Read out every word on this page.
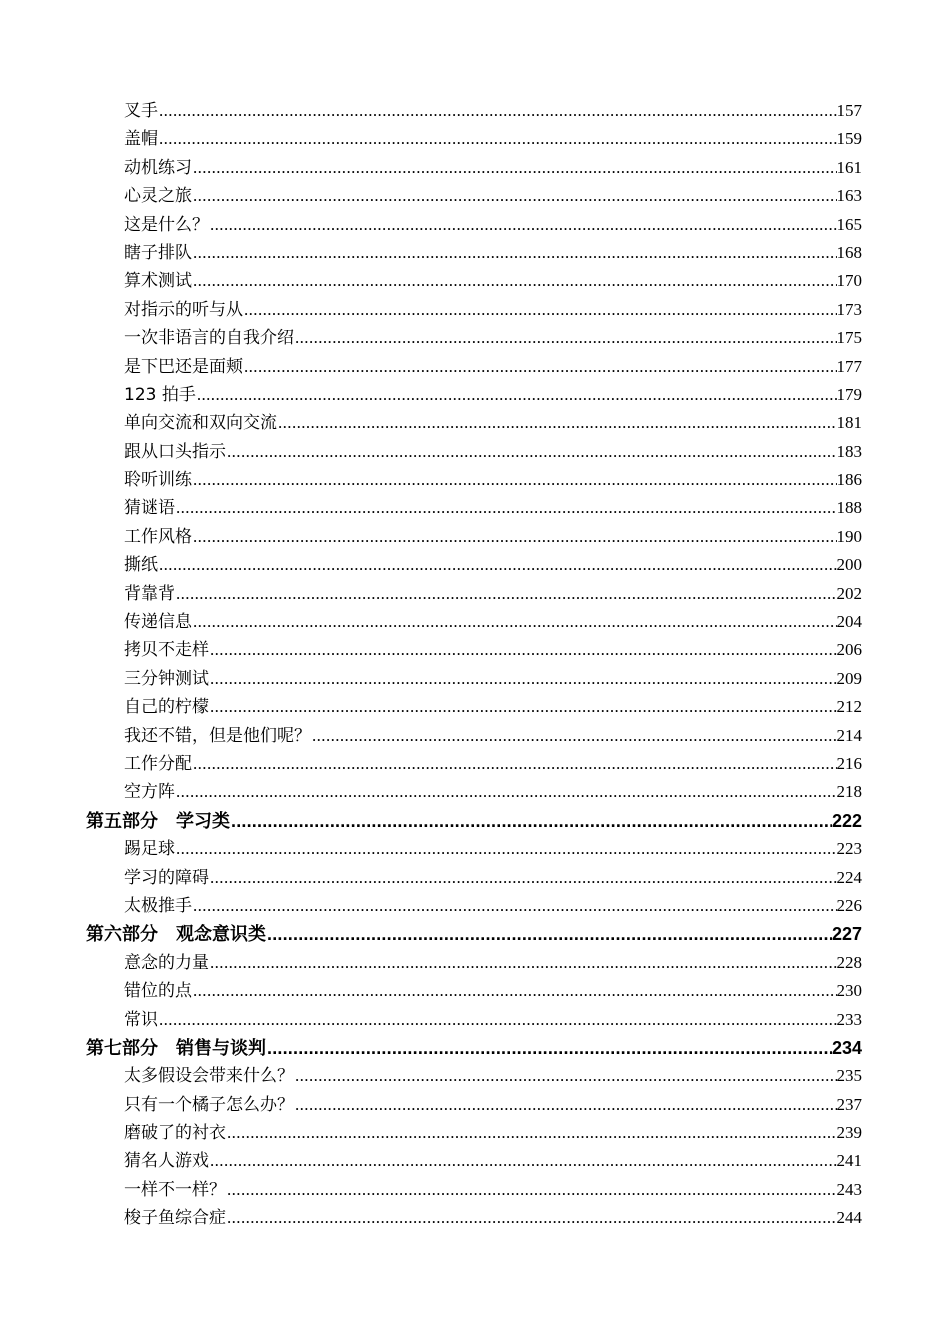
叉手 .....	157
盖帽 .....	159
动机练习 .....	161
心灵之旅 .....	163
这是什么？ .....	165
瞎子排队 .....	168
算术测试 .....	170
对指示的听与从 .....	173
一次非语言的自我介绍 .....	175
是下巴还是面颊 .....	177
123 拍手 .....	179
单向交流和双向交流 .....	181
跟从口头指示 .....	183
聆听训练 .....	186
猜谜语 .....	188
工作风格 .....	190
撕纸 .....	200
背靠背 .....	202
传递信息 .....	204
拷贝不走样 .....	206
三分钟测试 .....	209
自己的柠檬 .....	212
我还不错，但是他们呢？ .....	214
工作分配 .....	216
空方阵 .....	218
第五部分　学习类 .....	222
踢足球 .....	223
学习的障碍 .....	224
太极推手 .....	226
第六部分　观念意识类 .....	227
意念的力量 .....	228
错位的点 .....	230
常识 .....	233
第七部分　销售与谈判 .....	234
太多假设会带来什么？ .....	235
只有一个橘子怎么办？ .....	237
磨破了的衬衣 .....	239
猜名人游戏 .....	241
一样不一样？ .....	243
梭子鱼综合症 .....	244
